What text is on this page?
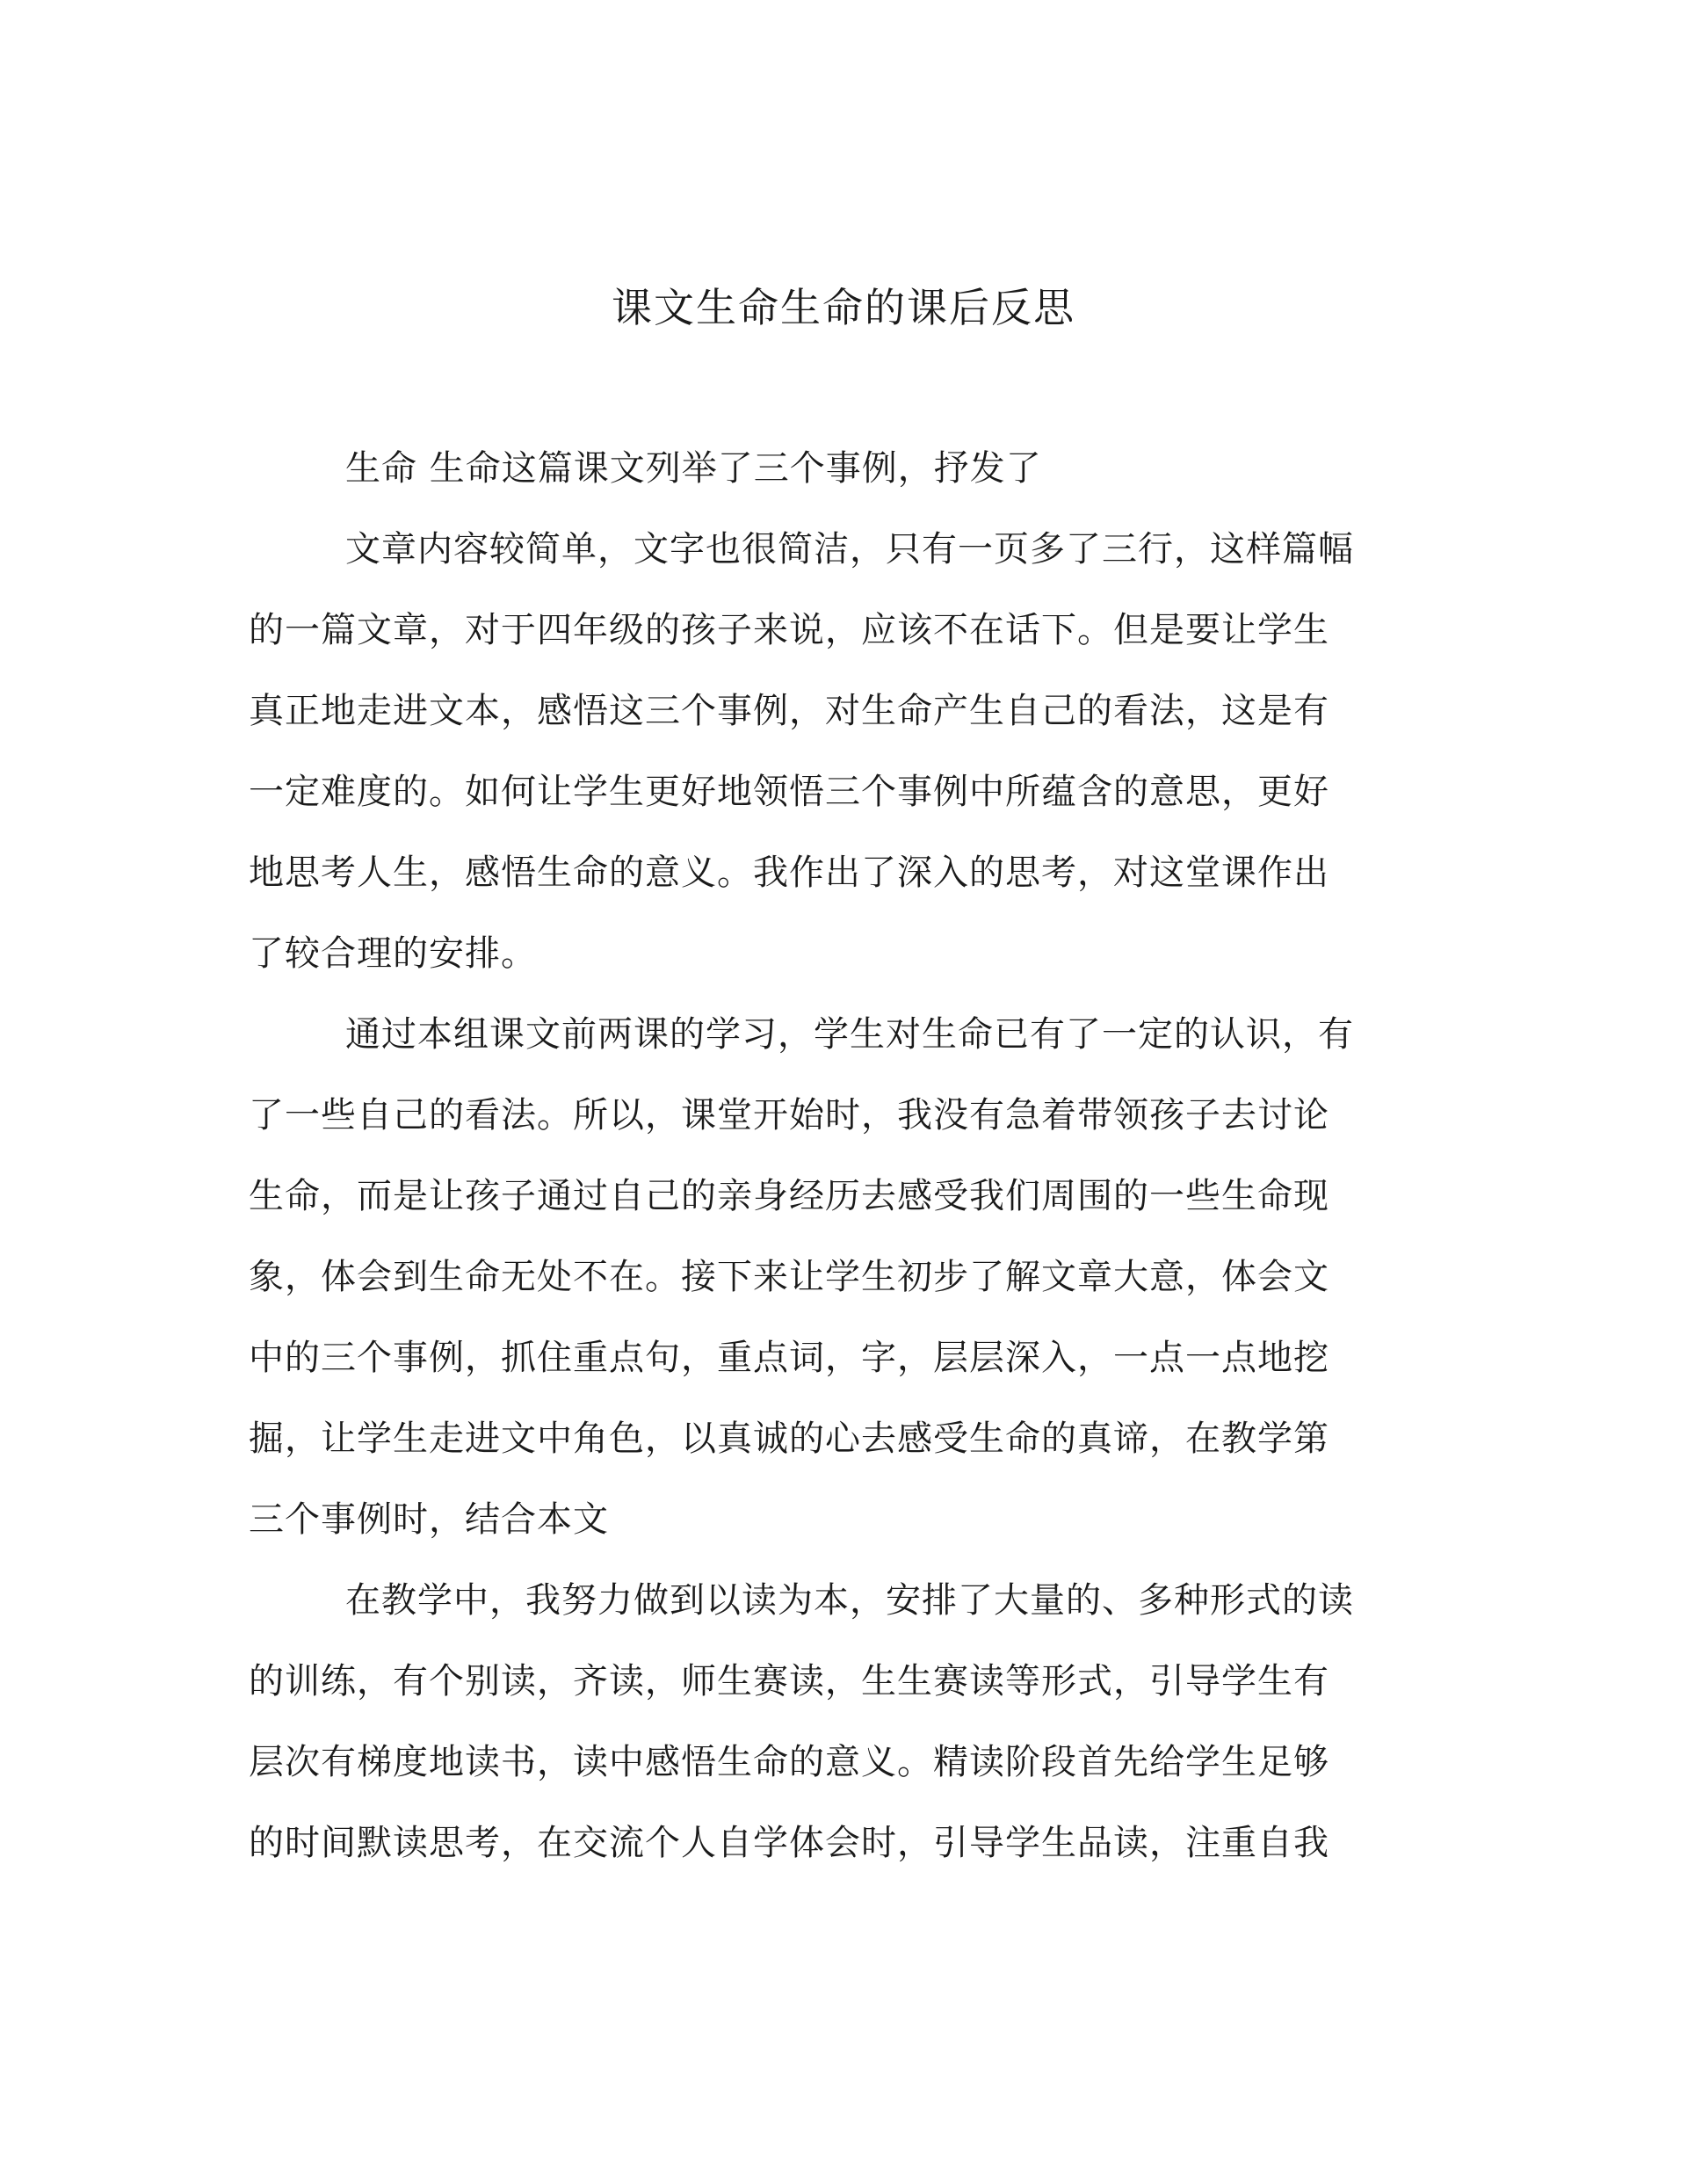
课文生命生命的课后反思

生命 生命这篇课文列举了三个事例，抒发了

文章内容较简单，文字也很简洁，只有一页多了三行，这样篇幅

的一篇文章，对于四年级的孩子来说，应该不在话下。但是要让学生

真正地走进文本，感悟这三个事例，对生命产生自己的看法，这是有

一定难度的。如何让学生更好地领悟三个事例中所蕴含的意思，更好

地思考人生，感悟生命的意义。我作出了深入的思考，对这堂课作出

了较合理的安排。

通过本组课文前两课的学习，学生对生命已有了一定的认识，有

了一些自己的看法。所以，课堂开始时，我没有急着带领孩子去讨论

生命，而是让孩子通过自己的亲身经历去感受我们周围的一些生命现

象，体会到生命无处不在。接下来让学生初步了解文章大意，体会文

中的三个事例，抓住重点句，重点词，字，层层深入，一点一点地挖

掘，让学生走进文中角色，以真诚的心去感受生命的真谛，在教学第

三个事例时，结合本文

在教学中，我努力做到以读为本，安排了大量的、多种形式的读

的训练，有个别读，齐读，师生赛读，生生赛读等形式，引导学生有

层次有梯度地读书，读中感悟生命的意义。精读阶段首先给学生足够

的时间默读思考，在交流个人自学体会时，引导学生品读，注重自我
